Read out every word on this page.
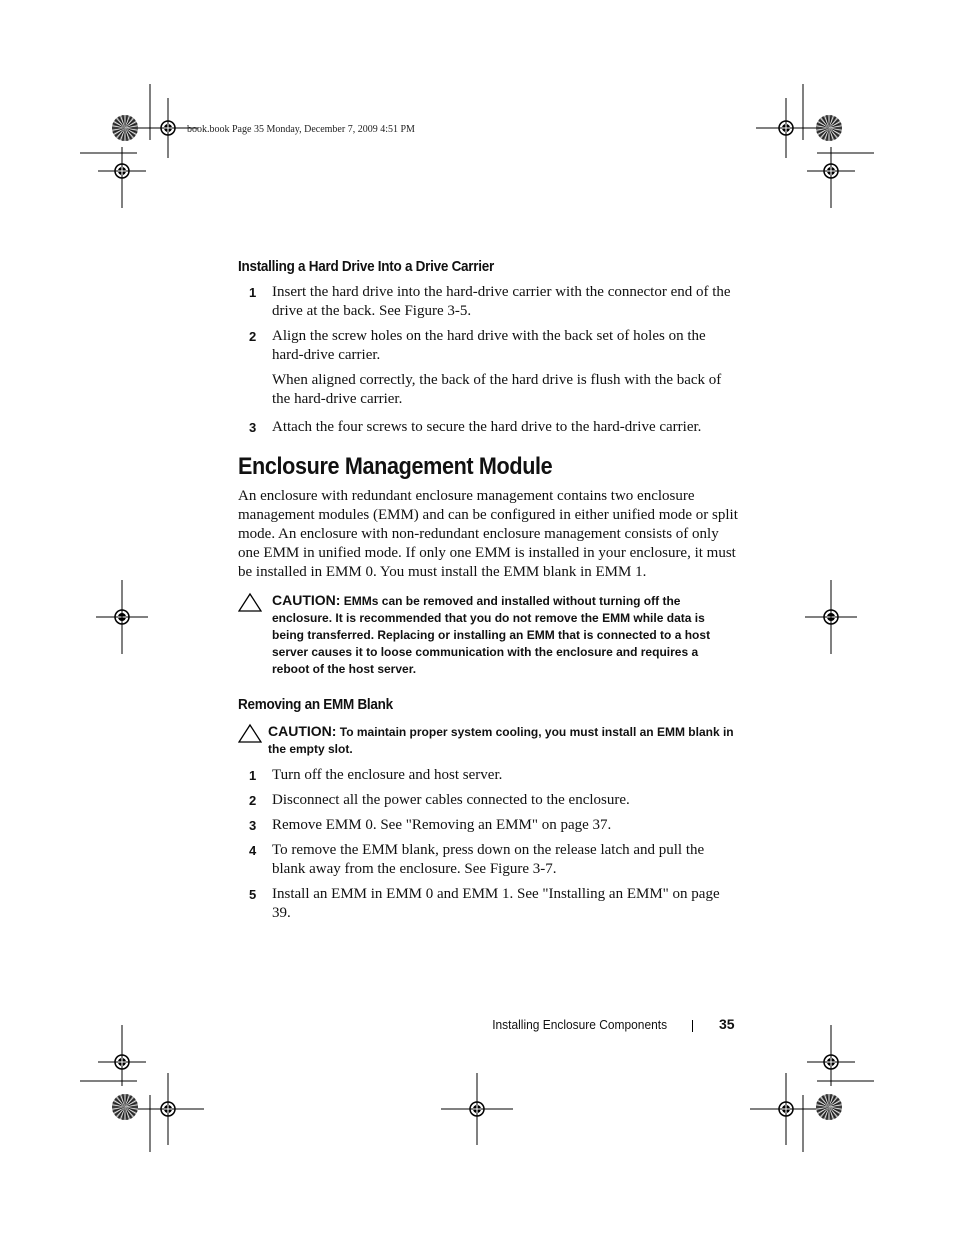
book.book Page 35 Monday, December 7, 2009 4:51 PM
Installing a Hard Drive Into a Drive Carrier
1 Insert the hard drive into the hard-drive carrier with the connector end of the drive at the back. See Figure 3-5.
2 Align the screw holes on the hard drive with the back set of holes on the hard-drive carrier.
When aligned correctly, the back of the hard drive is flush with the back of the hard-drive carrier.
3 Attach the four screws to secure the hard drive to the hard-drive carrier.
Enclosure Management Module

An enclosure with redundant enclosure management contains two enclosure management modules (EMM) and can be configured in either unified mode or split mode. An enclosure with non-redundant enclosure management consists of only one EMM in unified mode. If only one EMM is installed in your enclosure, it must be installed in EMM 0. You must install the EMM blank in EMM 1.

CAUTION: EMMs can be removed and installed without turning off the enclosure. It is recommended that you do not remove the EMM while data is being transferred. Replacing or installing an EMM that is connected to a host server causes it to loose communication with the enclosure and requires a reboot of the host server.
Removing an EMM Blank
CAUTION: To maintain proper system cooling, you must install an EMM blank in the empty slot.
1 Turn off the enclosure and host server.
2 Disconnect all the power cables connected to the enclosure.
3 Remove EMM 0. See "Removing an EMM" on page 37.
4 To remove the EMM blank, press down on the release latch and pull the blank away from the enclosure. See Figure 3-7.
5 Install an EMM in EMM 0 and EMM 1. See "Installing an EMM" on page 39.
Installing Enclosure Components	35
